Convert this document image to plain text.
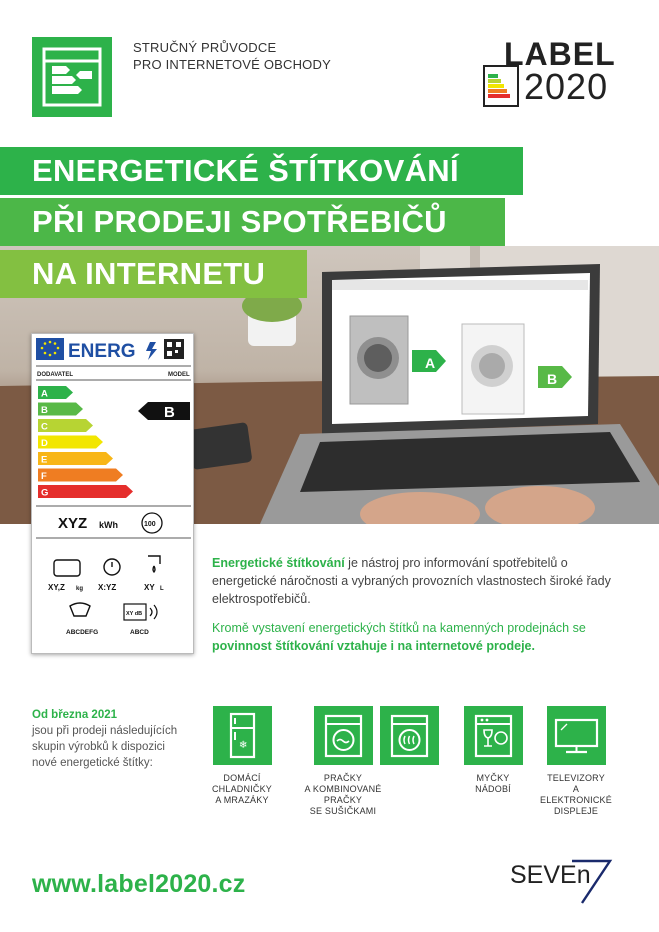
STRUČNÝ PRŮVODCE
PRO INTERNETOVÉ OBCHODY	LABEL
2020
A
B
ENERGETICKÉ ŠTÍTKOVÁNÍ
PŘI PRODEJI SPOTŘEBIČŮ
NA INTERNETU
ENERG
DODAVATEL	MODEL
A
B
C
D
E
F
G
B
XYZ kWh	100
XY,Z kg X:YZ	XY L
ABCDEFG
XY dB
ABCD

Energetické štítkování je nástroj pro informování spotřebitelů o energetické náročnosti a vybraných provozních vlastnostech široké řady elektrospotřebičů.

Kromě vystavení energetických štítků na kamenných prodejnách se povinnost štítkování vztahuje i na internetové prodeje.

Od března 2021
jsou při prodeji následujících skupin výrobků k dispozici nové energetické štítky:
❄
DOMÁCÍ
CHLADNIČKY
A MRAZÁKY
PRAČKY
A KOMBINOVANÉ PRAČKY
SE SUŠIČKAMI
MYČKY
NÁDOBÍ
TELEVIZORY
A ELEKTRONICKÉ
DISPLEJE
www.label2020.cz	SEVEn
